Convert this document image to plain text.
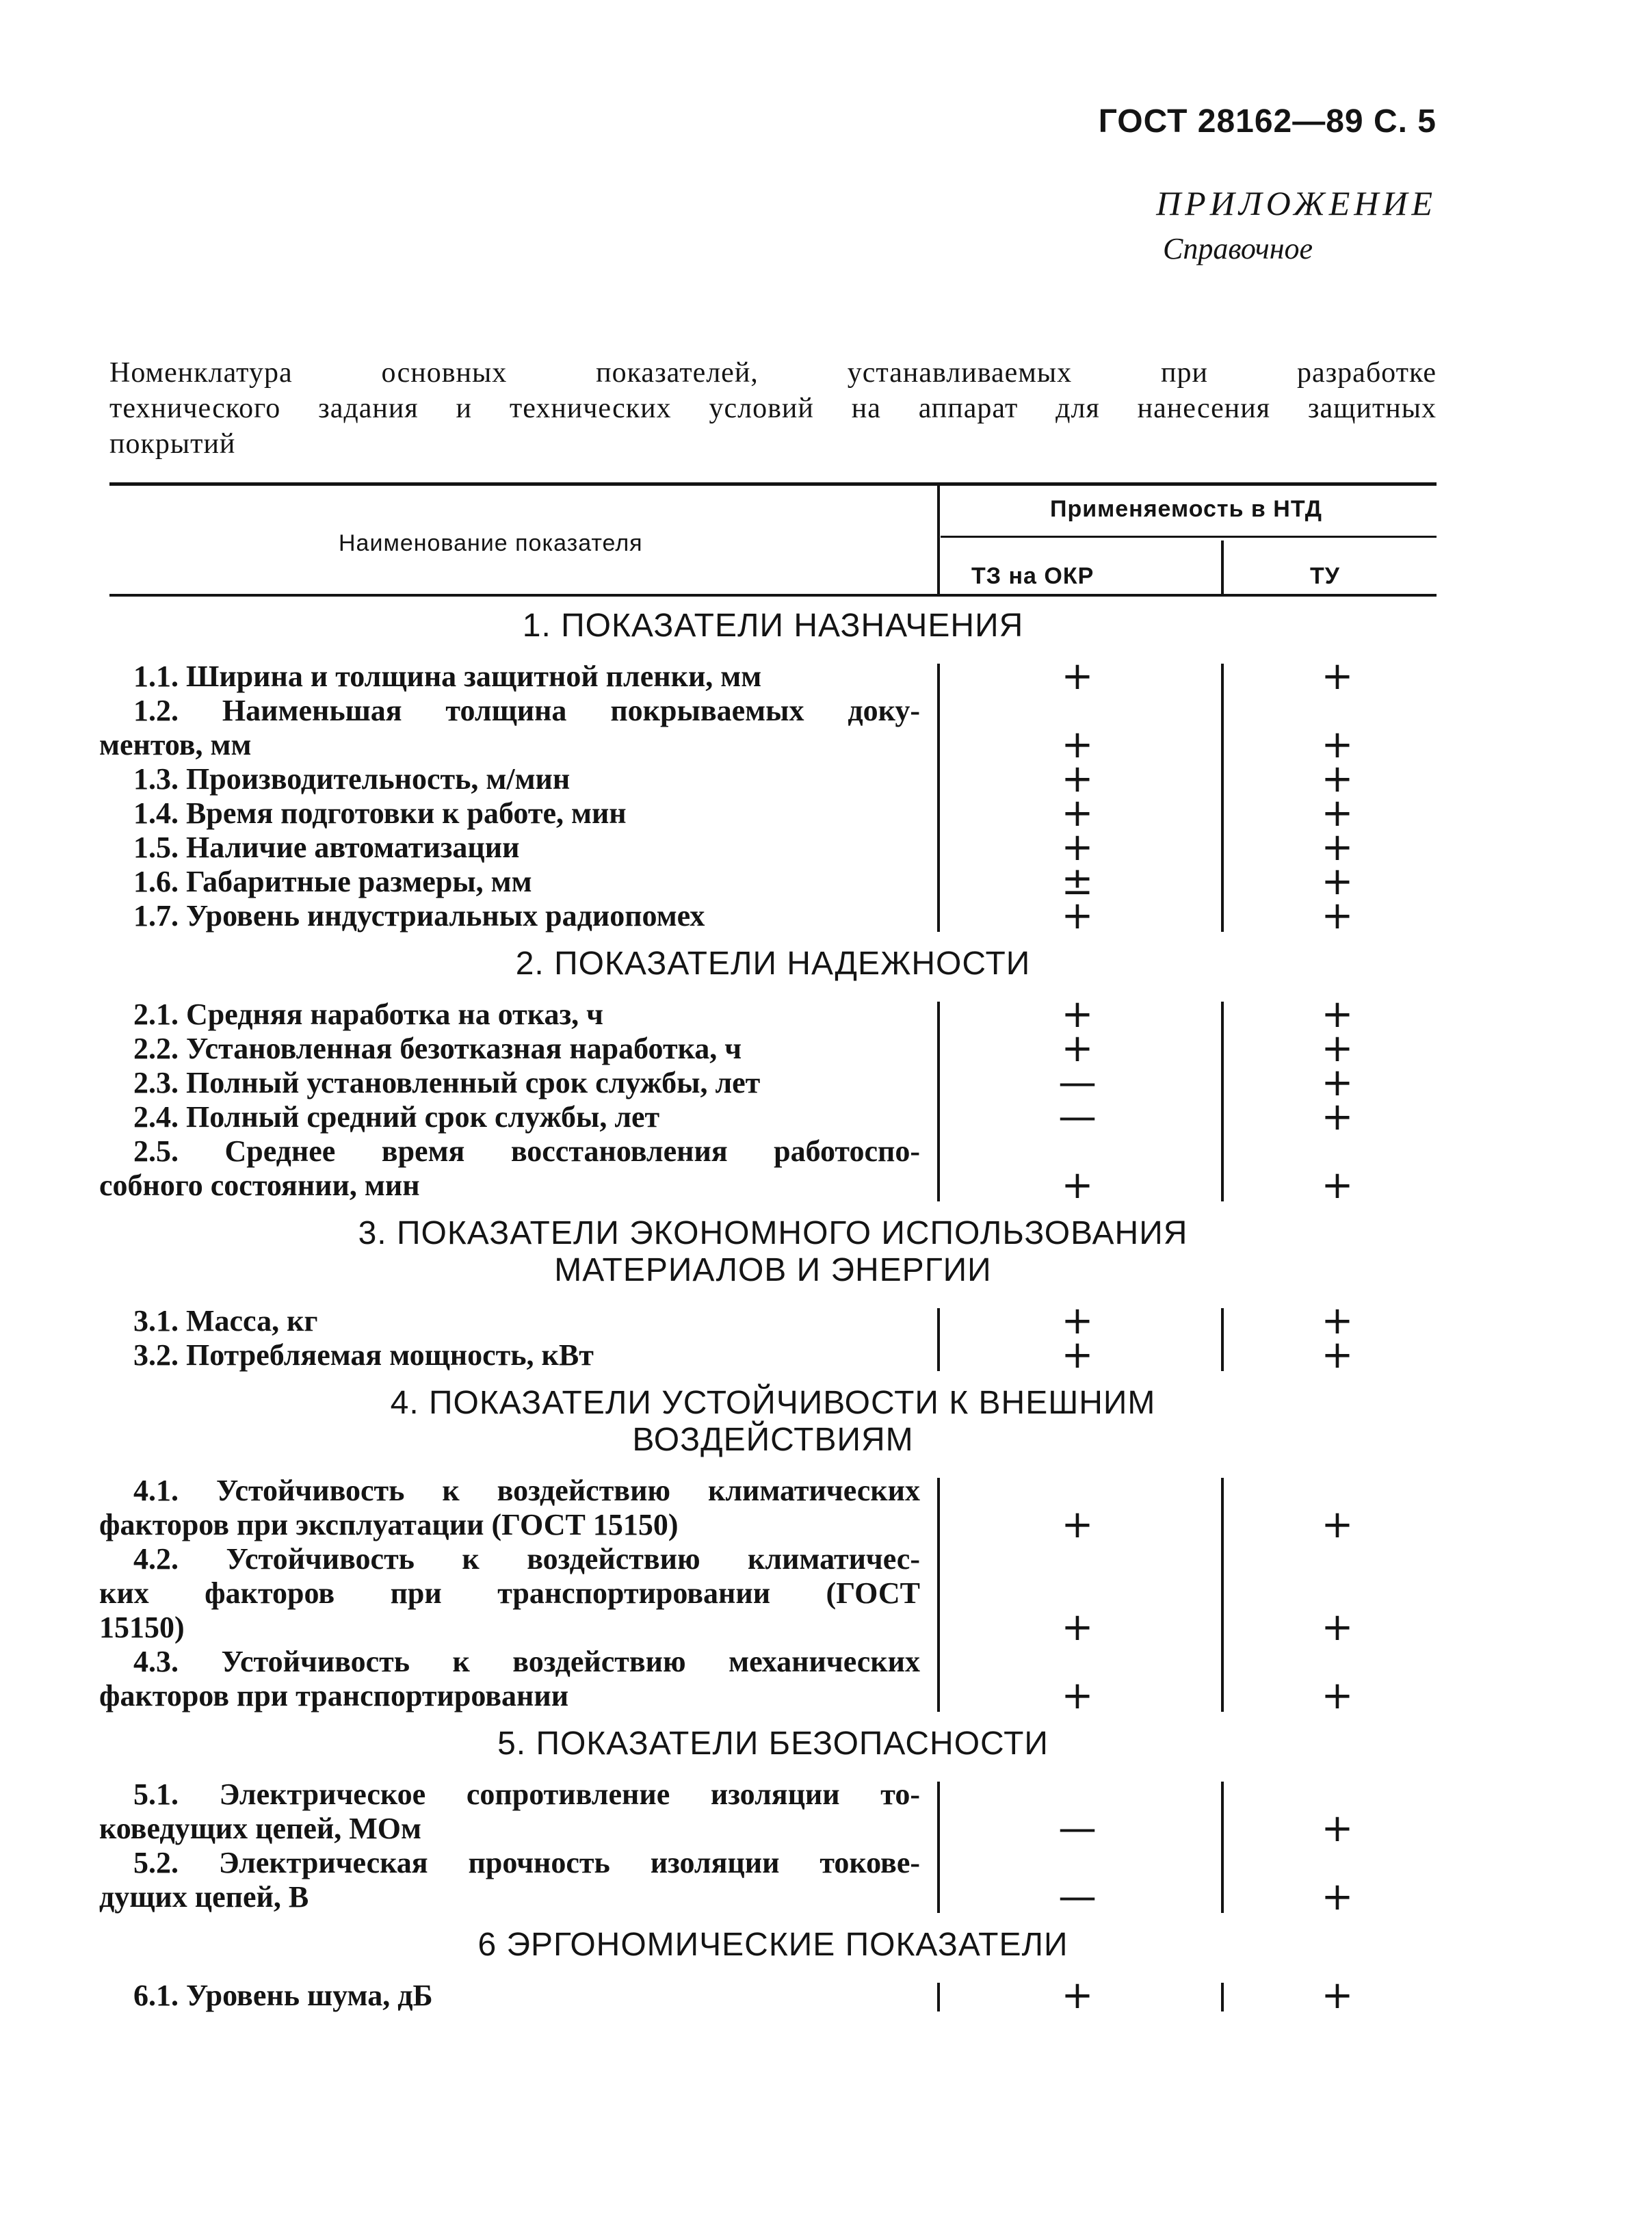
ГОСТ 28162—89 С. 5
ПРИЛОЖЕНИЕ
Справочное
Номенклатура основных показателей, устанавливаемых при разработке
технического задания и технических условий на аппарат для нанесения защитных
покрытий
Наименование показателя
Применяемость в НТД
ТЗ на ОКР	ТУ
1. ПОКАЗАТЕЛИ НАЗНАЧЕНИЯ
1.1. Ширина и толщина защитной пленки, мм	+	+
1.2. Наименьшая толщина покрываемых доку-
ментов, мм	+	+
1.3. Производительность, м/мин	+	+
1.4. Время подготовки к работе, мин	+	+
1.5. Наличие автоматизации	+	+
1.6. Габаритные размеры, мм	±	+
1.7. Уровень индустриальных радиопомех	+	+
2. ПОКАЗАТЕЛИ НАДЕЖНОСТИ
2.1. Средняя наработка на отказ, ч	+	+
2.2. Установленная безотказная наработка, ч	+	+
2.3. Полный установленный срок службы, лет	—	+
2.4. Полный средний срок службы, лет	—	+
2.5. Среднее время восстановления работоспо-
собного состоянии, мин	+	+
3. ПОКАЗАТЕЛИ ЭКОНОМНОГО ИСПОЛЬЗОВАНИЯ
МАТЕРИАЛОВ И ЭНЕРГИИ
3.1. Масса, кг	+	+
3.2. Потребляемая мощность, кВт	+	+
4. ПОКАЗАТЕЛИ УСТОЙЧИВОСТИ К ВНЕШНИМ
ВОЗДЕЙСТВИЯМ
4.1. Устойчивость к воздействию климатических
факторов при эксплуатации (ГОСТ 15150)	+	+
4.2. Устойчивость к воздействию климатичес-
ких факторов при транспортировании (ГОСТ
15150)	+	+
4.3. Устойчивость к воздействию механических
факторов при транспортировании	+	+
5. ПОКАЗАТЕЛИ БЕЗОПАСНОСТИ
5.1. Электрическое сопротивление изоляции то-
коведущих цепей, МОм	—	+
5.2. Электрическая прочность изоляции токове-
дущих цепей, В	—	+
6 ЭРГОНОМИЧЕСКИЕ ПОКАЗАТЕЛИ
6.1. Уровень шума, дБ	+	+
